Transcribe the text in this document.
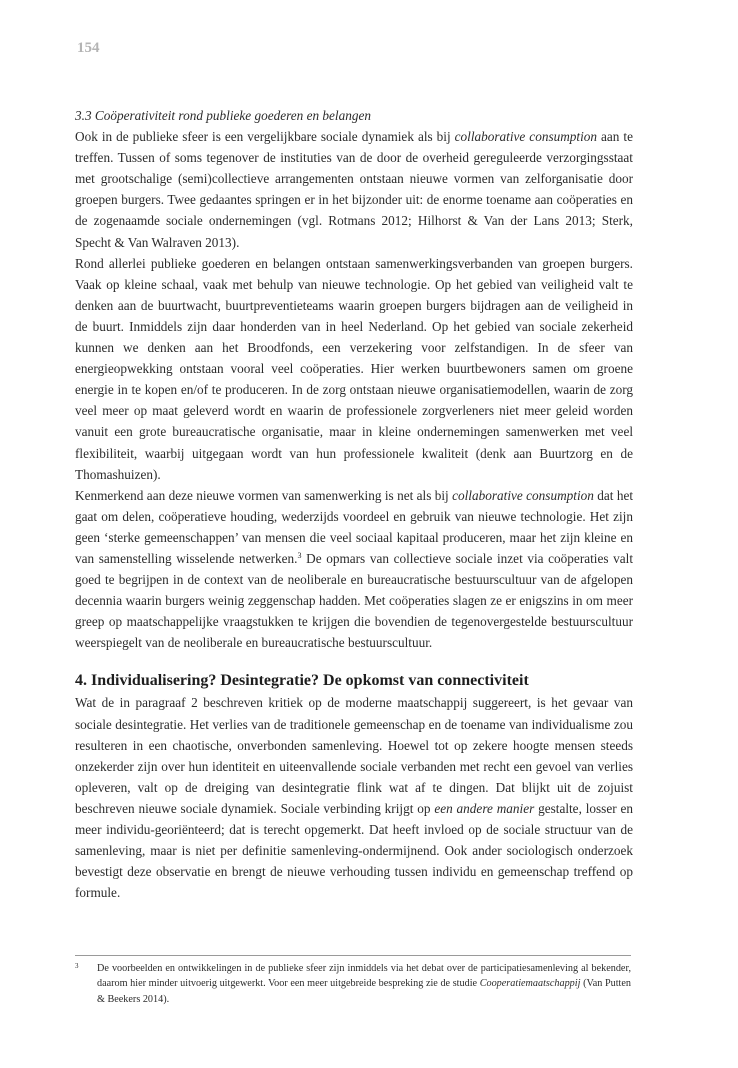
154

3.3 Coöperativiteit rond publieke goederen en belangen

Ook in de publieke sfeer is een vergelijkbare sociale dynamiek als bij collaborative consumption aan te treffen. Tussen of soms tegenover de instituties van de door de overheid gereguleerde verzorgingsstaat met grootschalige (semi)collectieve arrangementen ontstaan nieuwe vormen van zelforganisatie door groepen burgers. Twee gedaantes springen er in het bijzonder uit: de enorme toename aan coöperaties en de zogenaamde sociale ondernemingen (vgl. Rotmans 2012; Hilhorst & Van der Lans 2013; Sterk, Specht & Van Walraven 2013).

Rond allerlei publieke goederen en belangen ontstaan samenwerkingsverbanden van groepen burgers. Vaak op kleine schaal, vaak met behulp van nieuwe technologie. Op het gebied van veiligheid valt te denken aan de buurtwacht, buurtpreventieteams waarin groepen burgers bijdragen aan de veiligheid in de buurt. Inmiddels zijn daar honderden van in heel Nederland. Op het gebied van sociale zekerheid kunnen we denken aan het Broodfonds, een verzekering voor zelfstandigen. In de sfeer van energieopwekking ontstaan vooral veel coöperaties. Hier werken buurtbewoners samen om groene energie in te kopen en/of te produceren. In de zorg ontstaan nieuwe organisatiemodellen, waarin de zorg veel meer op maat geleverd wordt en waarin de professionele zorgverleners niet meer geleid worden vanuit een grote bureaucratische organisatie, maar in kleine ondernemingen samenwerken met veel flexibiliteit, waarbij uitgegaan wordt van hun professionele kwaliteit (denk aan Buurtzorg en de Thomashuizen).

Kenmerkend aan deze nieuwe vormen van samenwerking is net als bij collaborative consumption dat het gaat om delen, coöperatieve houding, wederzijds voordeel en gebruik van nieuwe technologie. Het zijn geen ‘sterke gemeenschappen’ van mensen die veel sociaal kapitaal produceren, maar het zijn kleine en van samenstelling wisselende netwerken.$^3$ De opmars van collectieve sociale inzet via coöperaties valt goed te begrijpen in de context van de neoliberale en bureaucratische bestuurscultuur van de afgelopen decennia waarin burgers weinig zeggenschap hadden. Met coöperaties slagen ze er enigszins in om meer greep op maatschappelijke vraagstukken te krijgen die bovendien de tegenovergestelde bestuurscultuur weerspiegelt van de neoliberale en bureaucratische bestuurscultuur.

4. Individualisering? Desintegratie? De opkomst van connectiviteit

Wat de in paragraaf 2 beschreven kritiek op de moderne maatschappij suggereert, is het gevaar van sociale desintegratie. Het verlies van de traditionele gemeenschap en de toename van individualisme zou resulteren in een chaotische, onverbonden samenleving. Hoewel tot op zekere hoogte mensen steeds onzekerder zijn over hun identiteit en uiteenvallende sociale verbanden met recht een gevoel van verlies opleveren, valt op de dreiging van desintegratie flink wat af te dingen. Dat blijkt uit de zojuist beschreven nieuwe sociale dynamiek. Sociale verbinding krijgt op een andere manier gestalte, losser en meer individu-georiënteerd; dat is terecht opgemerkt. Dat heeft invloed op de sociale structuur van de samenleving, maar is niet per definitie samenleving-ondermijnend. Ook ander sociologisch onderzoek bevestigt deze observatie en brengt de nieuwe verhouding tussen individu en gemeenschap treffend op formule.

3 De voorbeelden en ontwikkelingen in de publieke sfeer zijn inmiddels via het debat over de participatiesamenleving al bekender, daarom hier minder uitvoerig uitgewerkt. Voor een meer uitgebreide bespreking zie de studie Cooperatiemaatschappij (Van Putten & Beekers 2014).
